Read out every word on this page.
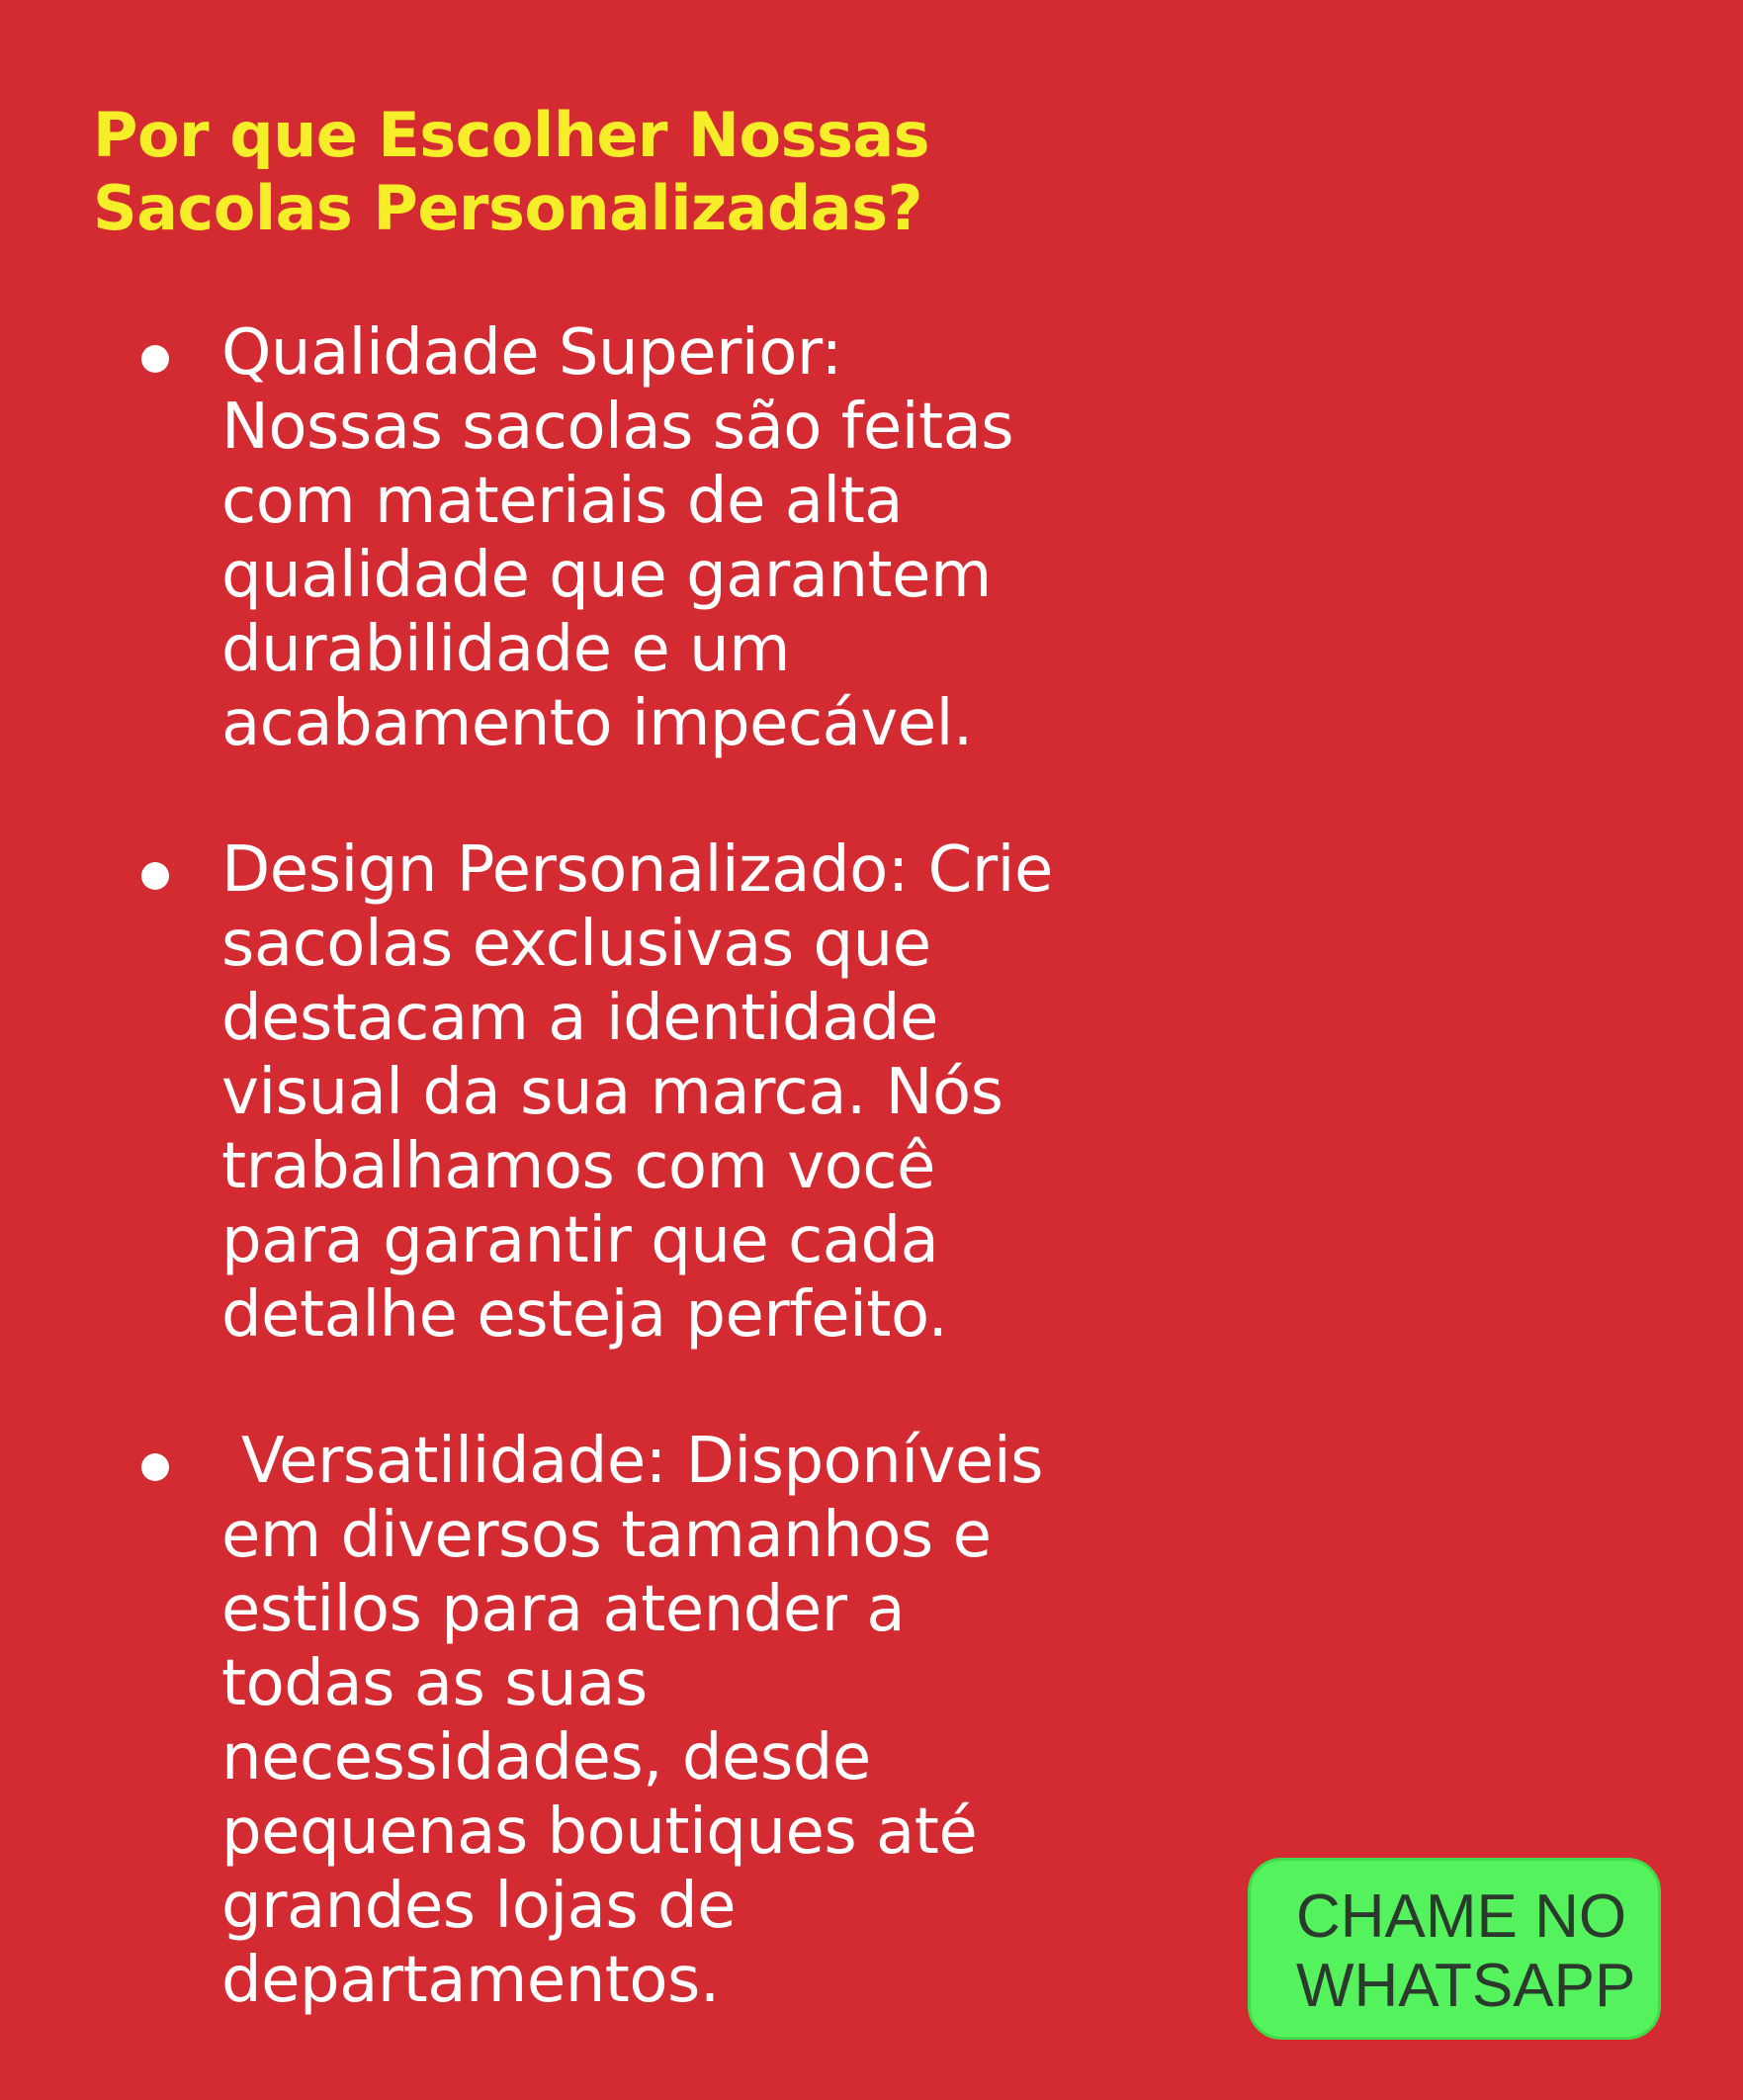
Por que Escolher Nossas
Sacolas Personalizadas?
Qualidade Superior:
Nossas sacolas são feitas
com materiais de alta
qualidade que garantem
durabilidade e um
acabamento impecável.
Design Personalizado: Crie
sacolas exclusivas que
destacam a identidade
visual da sua marca. Nós
trabalhamos com você
para garantir que cada
detalhe esteja perfeito.
Versatilidade: Disponíveis
em diversos tamanhos e
estilos para atender a
todas as suas
necessidades, desde
pequenas boutiques até
grandes lojas de
departamentos.
CHAME NO
WHATSAPP
